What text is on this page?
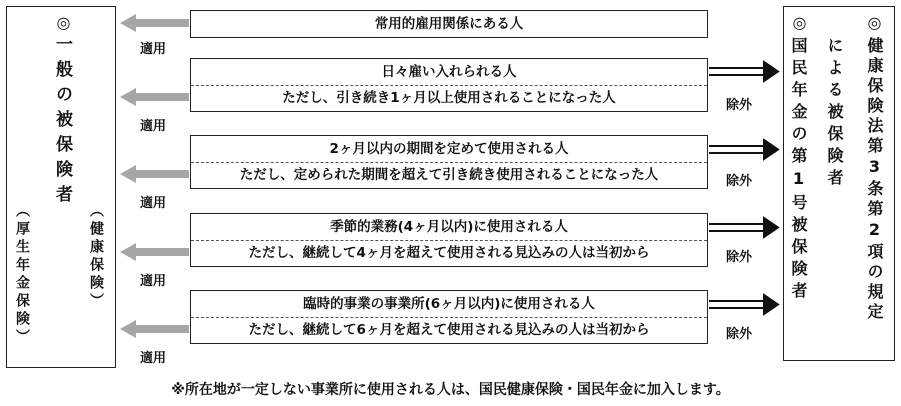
◎
一般の被保険者
（健康保険）
（厚生年金保険）
◎
国民年金の第1号被保険者
◎
による被保険者 健康保険法第3条第2項の規定
常用的雇用関係にある人
日々雇い入れられる人
ただし、引き続き1ヶ月以上使用されることになった人
2ヶ月以内の期間を定めて使用される人
ただし、定められた期間を超えて引き続き使用されることになった人
季節的業務(4ヶ月以内)に使用される人
ただし、継続して4ヶ月を超えて使用される見込みの人は当初から
臨時的事業の事業所(6ヶ月以内)に使用される人
ただし、継続して6ヶ月を超えて使用される見込みの人は当初から
適用
適用
適用
適用
適用
除外
除外
除外
除外
※所在地が一定しない事業所に使用される人は、国民健康保険・国民年金に加入します。
